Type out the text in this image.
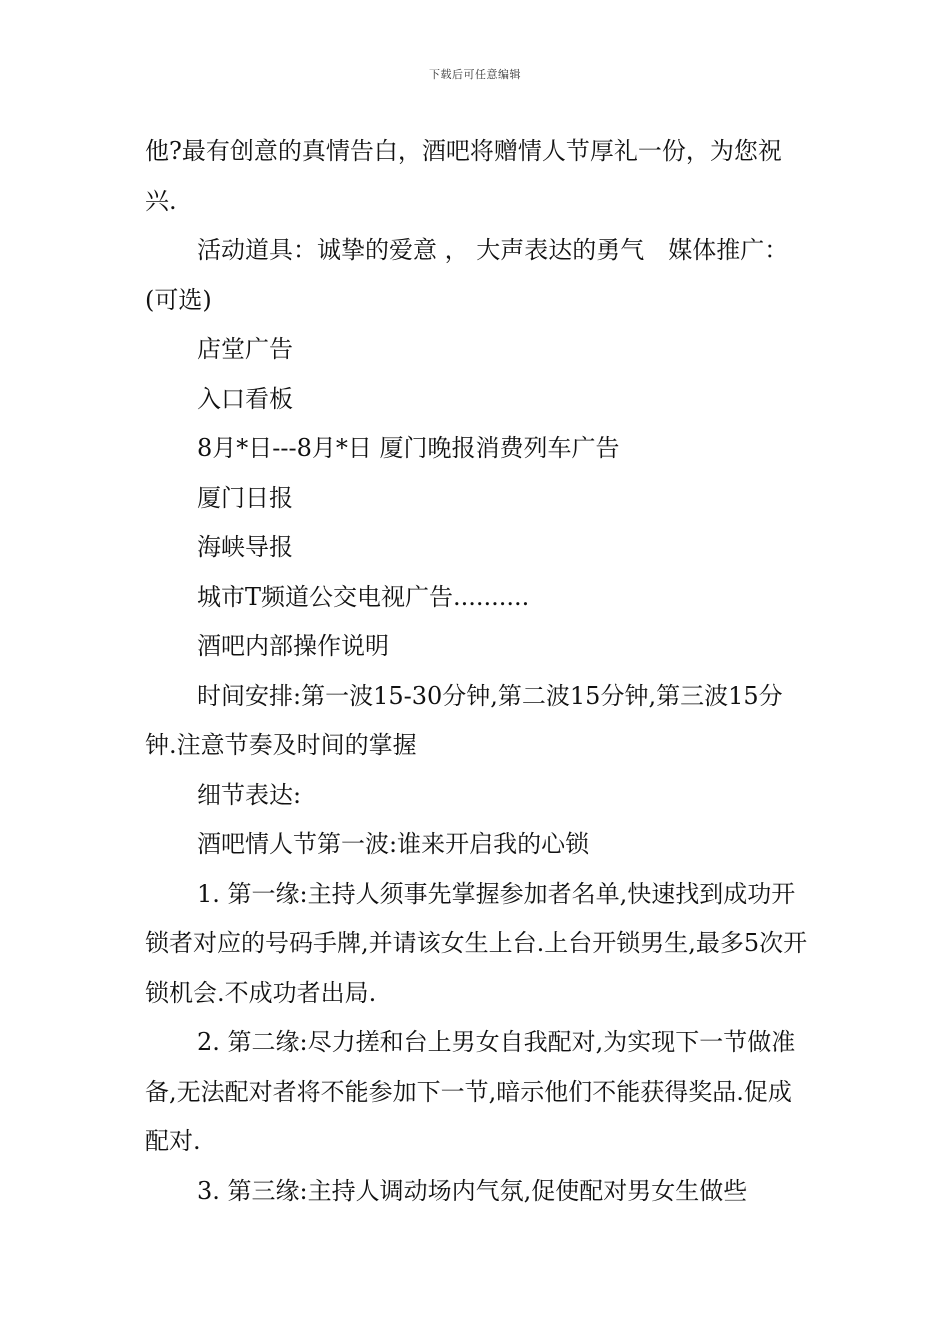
下载后可任意编辑

他?最有创意的真情告白，酒吧将赠情人节厚礼一份，为您祝兴.

活动道具：诚挚的爱意 ， 大声表达的勇气　媒体推广：(可选)

店堂广告

入口看板

8月*日---8月*日 厦门晚报消费列车广告

厦门日报

海峡导报

城市T频道公交电视广告..........

酒吧内部操作说明

时间安排:第一波15-30分钟,第二波15分钟,第三波15分钟.注意节奏及时间的掌握

细节表达:

酒吧情人节第一波:谁来开启我的心锁

1. 第一缘:主持人须事先掌握参加者名单,快速找到成功开锁者对应的号码手牌,并请该女生上台.上台开锁男生,最多5次开锁机会.不成功者出局.

2. 第二缘:尽力搓和台上男女自我配对,为实现下一节做准备,无法配对者将不能参加下一节,暗示他们不能获得奖品.促成配对.

3. 第三缘:主持人调动场内气氛,促使配对男女生做些
